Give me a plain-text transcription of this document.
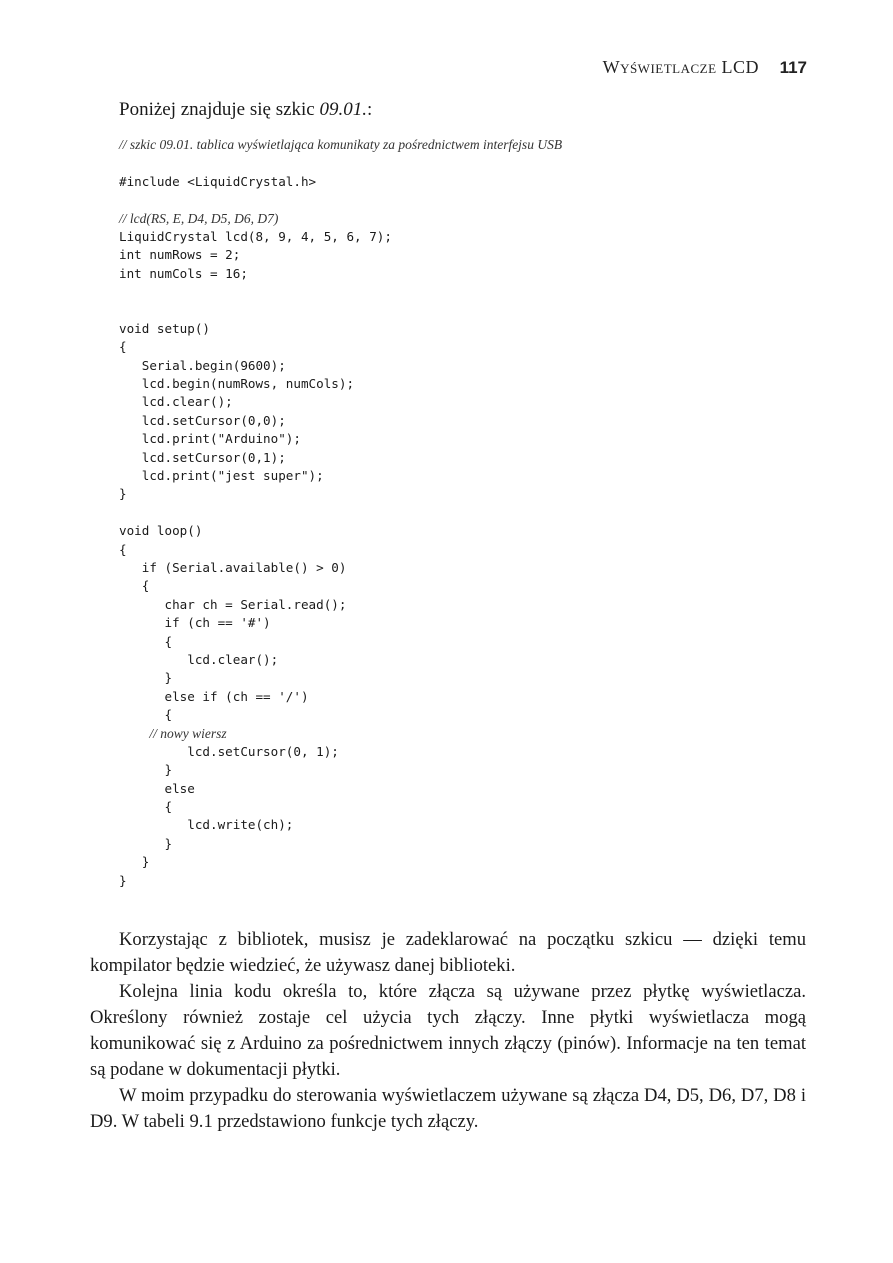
Wyświetlacze LCD 117
Poniżej znajduje się szkic 09.01.:
// szkic 09.01. tablica wyświetlająca komunikaty za pośrednictwem interfejsu USB
#include <LiquidCrystal.h>
// lcd(RS, E, D4, D5, D6, D7)
LiquidCrystal lcd(8, 9, 4, 5, 6, 7);
int numRows = 2;
int numCols = 16;
void setup()
{
Serial.begin(9600);
lcd.begin(numRows, numCols);
lcd.clear();
lcd.setCursor(0,0);
lcd.print("Arduino");
lcd.setCursor(0,1);
lcd.print("jest super");
}
void loop()
{
if (Serial.available() > 0)
{
char ch = Serial.read();
if (ch == '#')
{
lcd.clear();
}
else if (ch == '/')
{
// nowy wiersz
lcd.setCursor(0, 1);
}
else
{
lcd.write(ch);
}
}
}

Korzystając z bibliotek, musisz je zadeklarować na początku szkicu — dzięki temu kompilator będzie wiedzieć, że używasz danej biblioteki.

Kolejna linia kodu określa to, które złącza są używane przez płytkę wyświetlacza. Określony również zostaje cel użycia tych złączy. Inne płytki wyświetlacza mogą komunikować się z Arduino za pośrednictwem innych złączy (pinów). Informacje na ten temat są podane w dokumentacji płytki.

W moim przypadku do sterowania wyświetlaczem używane są złącza D4, D5, D6, D7, D8 i D9. W tabeli 9.1 przedstawiono funkcje tych złączy.
